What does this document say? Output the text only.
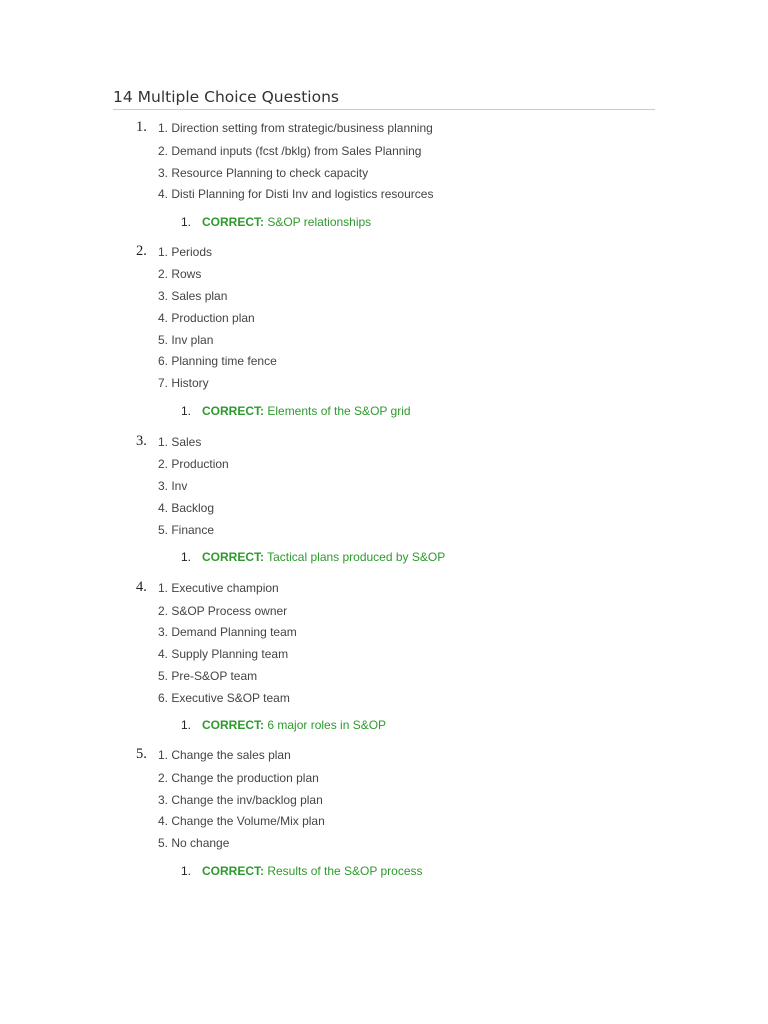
14 Multiple Choice Questions
1. 1. Direction setting from strategic/business planning
2. Demand inputs (fcst /bklg) from Sales Planning
3. Resource Planning to check capacity
4. Disti Planning for Disti Inv and logistics resources
1. CORRECT: S&OP relationships
2. 1. Periods
2. Rows
3. Sales plan
4. Production plan
5. Inv plan
6. Planning time fence
7. History
1. CORRECT: Elements of the S&OP grid
3. 1. Sales
2. Production
3. Inv
4. Backlog
5. Finance
1. CORRECT: Tactical plans produced by S&OP
4. 1. Executive champion
2. S&OP Process owner
3. Demand Planning team
4. Supply Planning team
5. Pre-S&OP team
6. Executive S&OP team
1. CORRECT: 6 major roles in S&OP
5. 1. Change the sales plan
2. Change the production plan
3. Change the inv/backlog plan
4. Change the Volume/Mix plan
5. No change
1. CORRECT: Results of the S&OP process
